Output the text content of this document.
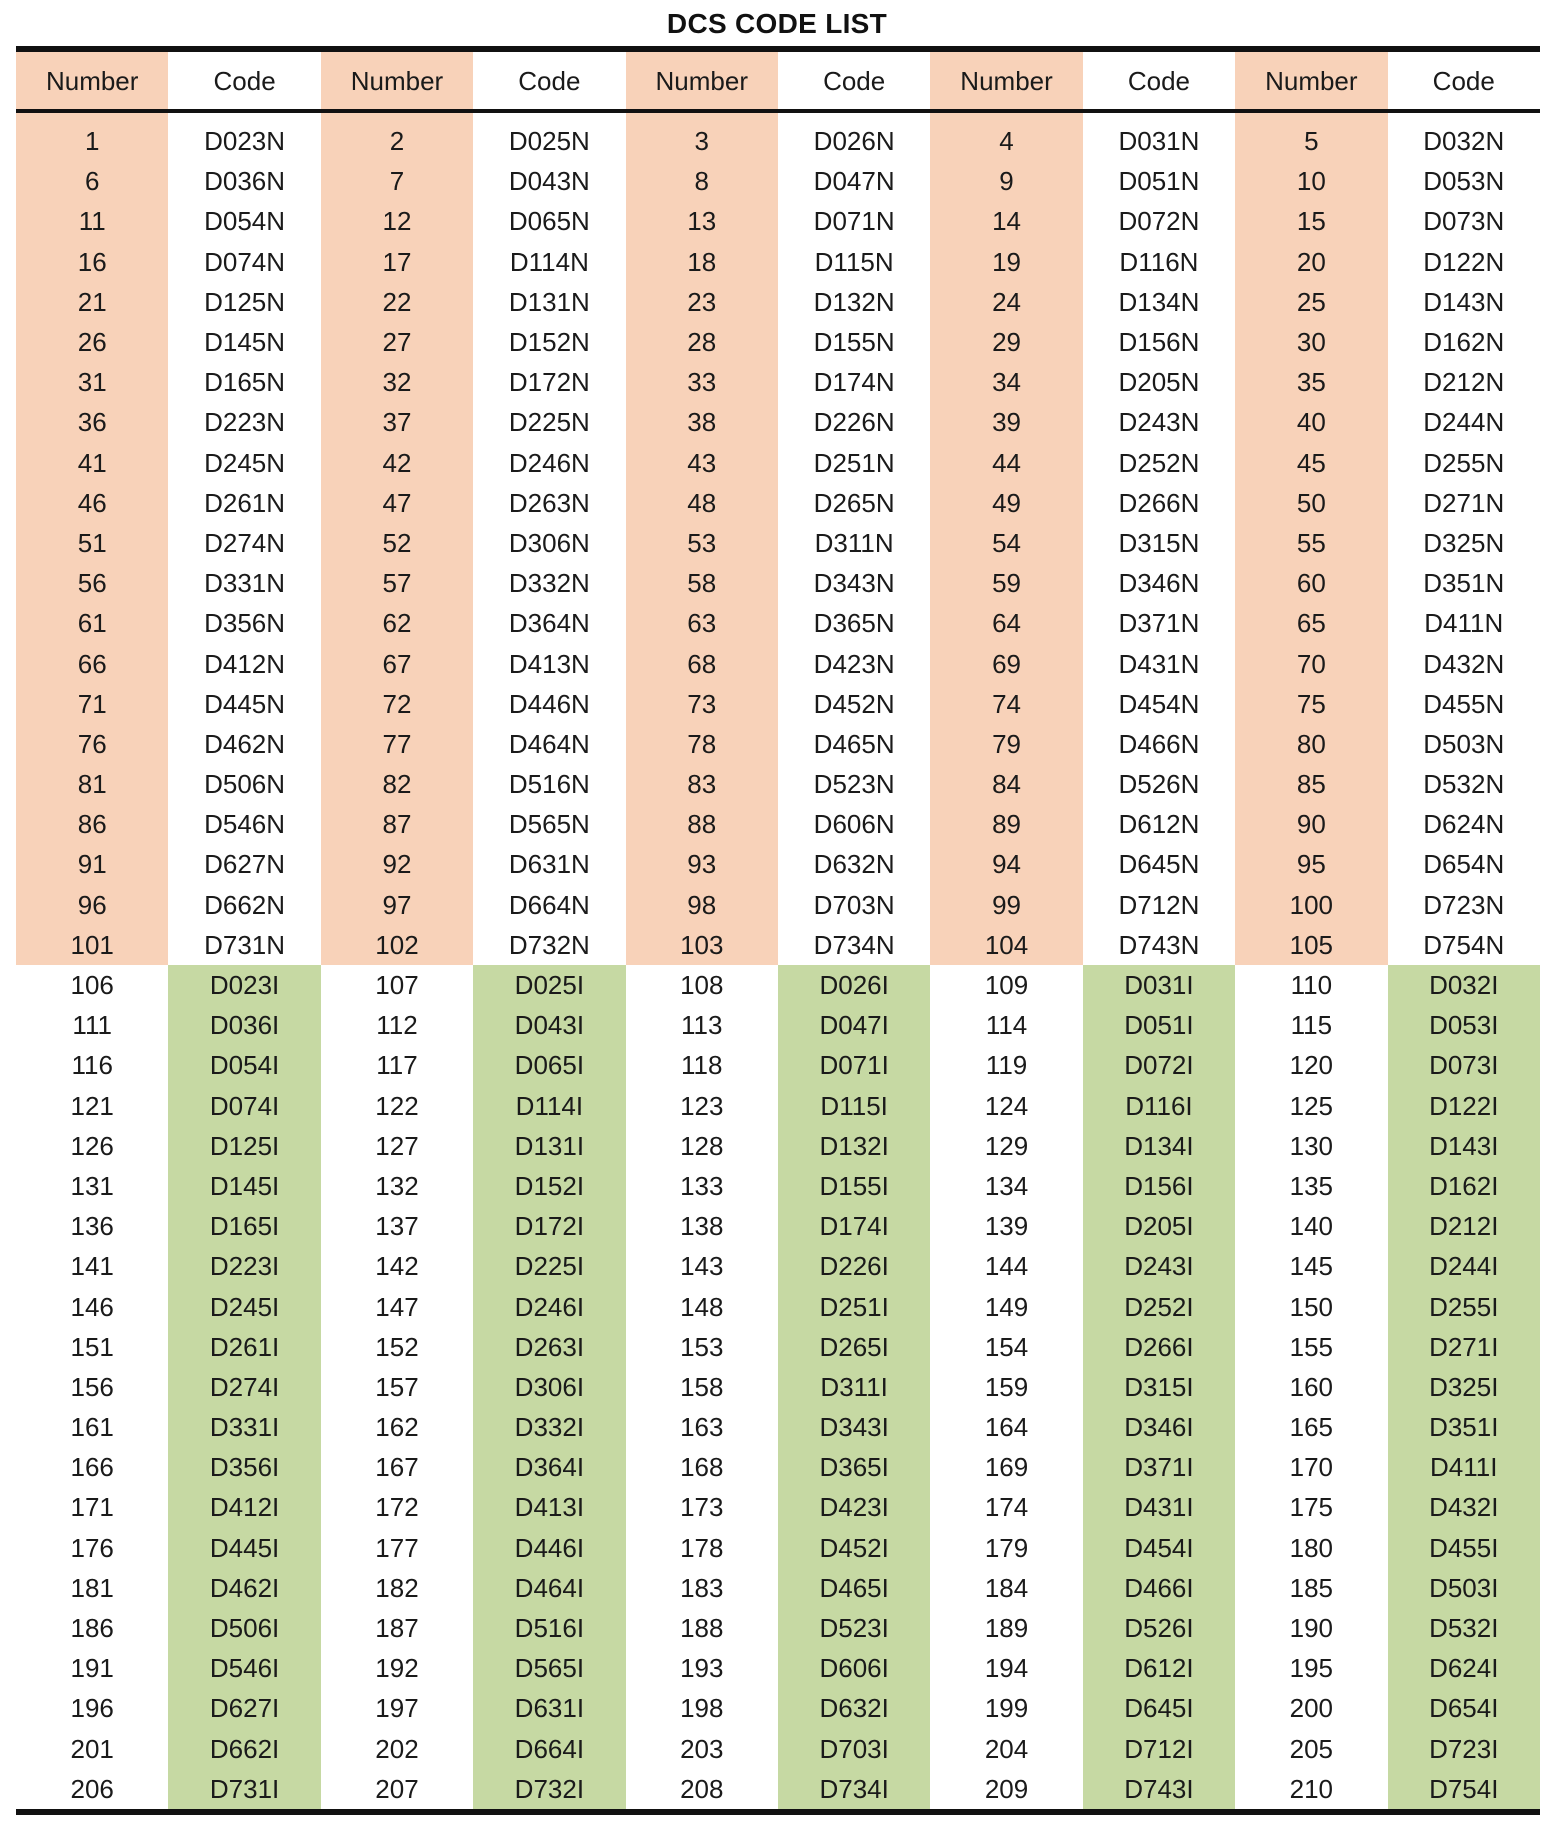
DCS CODE LIST
Number	Code	Number	Code	Number	Code	Number	Code	Number	Code

1	D023N	2	D025N	3	D026N	4	D031N	5	D032N
6	D036N	7	D043N	8	D047N	9	D051N	10	D053N
11	D054N	12	D065N	13	D071N	14	D072N	15	D073N
16	D074N	17	D114N	18	D115N	19	D116N	20	D122N
21	D125N	22	D131N	23	D132N	24	D134N	25	D143N
26	D145N	27	D152N	28	D155N	29	D156N	30	D162N
31	D165N	32	D172N	33	D174N	34	D205N	35	D212N
36	D223N	37	D225N	38	D226N	39	D243N	40	D244N
41	D245N	42	D246N	43	D251N	44	D252N	45	D255N
46	D261N	47	D263N	48	D265N	49	D266N	50	D271N
51	D274N	52	D306N	53	D311N	54	D315N	55	D325N
56	D331N	57	D332N	58	D343N	59	D346N	60	D351N
61	D356N	62	D364N	63	D365N	64	D371N	65	D411N
66	D412N	67	D413N	68	D423N	69	D431N	70	D432N
71	D445N	72	D446N	73	D452N	74	D454N	75	D455N
76	D462N	77	D464N	78	D465N	79	D466N	80	D503N
81	D506N	82	D516N	83	D523N	84	D526N	85	D532N
86	D546N	87	D565N	88	D606N	89	D612N	90	D624N
91	D627N	92	D631N	93	D632N	94	D645N	95	D654N
96	D662N	97	D664N	98	D703N	99	D712N	100	D723N
101	D731N	102	D732N	103	D734N	104	D743N	105	D754N
106	D023I	107	D025I	108	D026I	109	D031I	110	D032I
111	D036I	112	D043I	113	D047I	114	D051I	115	D053I
116	D054I	117	D065I	118	D071I	119	D072I	120	D073I
121	D074I	122	D114I	123	D115I	124	D116I	125	D122I
126	D125I	127	D131I	128	D132I	129	D134I	130	D143I
131	D145I	132	D152I	133	D155I	134	D156I	135	D162I
136	D165I	137	D172I	138	D174I	139	D205I	140	D212I
141	D223I	142	D225I	143	D226I	144	D243I	145	D244I
146	D245I	147	D246I	148	D251I	149	D252I	150	D255I
151	D261I	152	D263I	153	D265I	154	D266I	155	D271I
156	D274I	157	D306I	158	D311I	159	D315I	160	D325I
161	D331I	162	D332I	163	D343I	164	D346I	165	D351I
166	D356I	167	D364I	168	D365I	169	D371I	170	D411I
171	D412I	172	D413I	173	D423I	174	D431I	175	D432I
176	D445I	177	D446I	178	D452I	179	D454I	180	D455I
181	D462I	182	D464I	183	D465I	184	D466I	185	D503I
186	D506I	187	D516I	188	D523I	189	D526I	190	D532I
191	D546I	192	D565I	193	D606I	194	D612I	195	D624I
196	D627I	197	D631I	198	D632I	199	D645I	200	D654I
201	D662I	202	D664I	203	D703I	204	D712I	205	D723I
206	D731I	207	D732I	208	D734I	209	D743I	210	D754I
